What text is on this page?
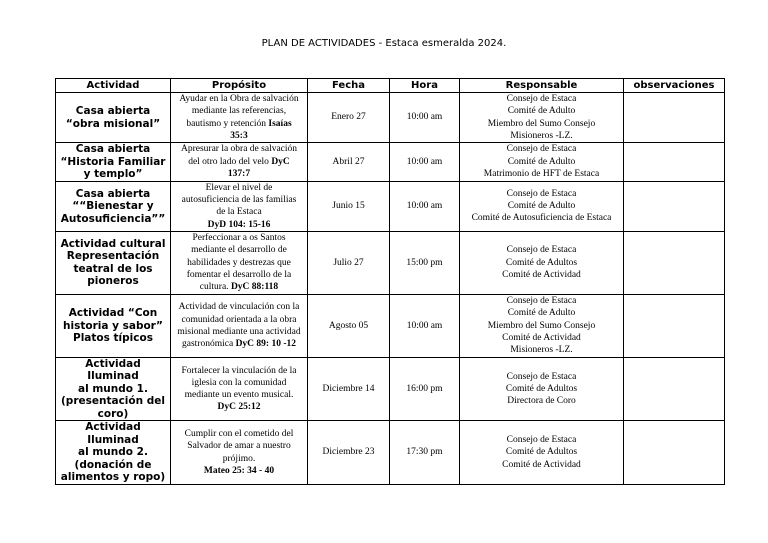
PLAN DE ACTIVIDADES - Estaca esmeralda 2024.
Actividad	Propósito	Fecha	Hora	Responsable	observaciones

Casa abierta
“obra misional”	Ayudar en la Obra de salvación
mediante las referencias,
bautismo y retención Isaías
35:3	Enero 27	10:00 am	Consejo de Estaca
Comité de Adulto
Miembro del Sumo Consejo
Misioneros -LZ.	

Casa abierta
“Historia Familiar
y templo”	Apresurar la obra de salvación
del otro lado del velo DyC
137:7	Abril 27	10:00 am	Consejo de Estaca
Comité de Adulto
Matrimonio de HFT de Estaca	

Casa abierta
““Bienestar y
Autosuficiencia””	Elevar el nivel de
autosuficiencia de las familias
de la Estaca
DyD 104: 15-16	Junio 15	10:00 am	Consejo de Estaca
Comité de Adulto
Comité de Autosuficiencia de Estaca	

Actividad cultural
Representación
teatral de los
pioneros	Perfeccionar a os Santos
mediante el desarrollo de
habilidades y destrezas que
fomentar el desarrollo de la
cultura. DyC 88:118	Julio 27	15:00 pm	Consejo de Estaca
Comité de Adultos
Comité de Actividad	

Actividad “Con
historia y sabor”
Platos típicos	Actividad de vinculación con la
comunidad orientada a la obra
misional mediante una actividad
gastronómica DyC 89: 10 -12	Agosto 05	10:00 am	Consejo de Estaca
Comité de Adulto
Miembro del Sumo Consejo
Comité de Actividad
Misioneros -LZ.	

Actividad Iluminad
al mundo 1.
(presentación del
coro)	Fortalecer la vinculación de la
iglesia con la comunidad
mediante un evento musical.
DyC 25:12	Diciembre 14	16:00 pm	Consejo de Estaca
Comité de Adultos
Directora de Coro	

Actividad Iluminad
al mundo 2.
(donación de
alimentos y ropo)	Cumplir con el cometido del
Salvador de amar a nuestro
prójimo.
Mateo 25: 34 - 40	Diciembre 23	17:30 pm	Consejo de Estaca
Comité de Adultos
Comité de Actividad	
